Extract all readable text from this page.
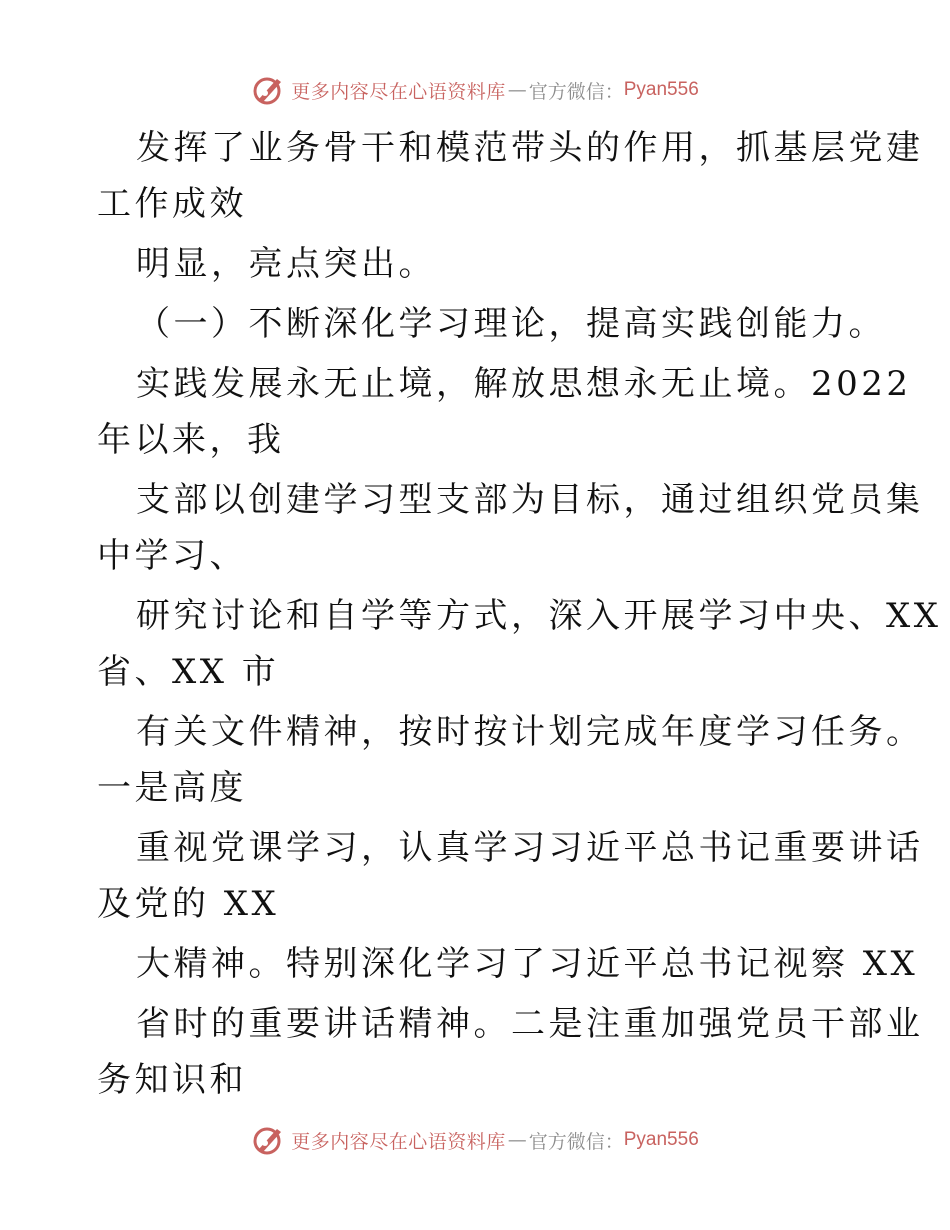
更多内容尽在心语资料库 — 官方微信： Pyan556
发挥了业务骨干和模范带头的作用，抓基层党建
工作成效
明显，亮点突出。
（一）不断深化学习理论，提高实践创能力。
实践发展永无止境，解放思想永无止境。2022
年以来，我
支部以创建学习型支部为目标，通过组织党员集
中学习、
研究讨论和自学等方式，深入开展学习中央、XX
省、XX 市
有关文件精神，按时按计划完成年度学习任务。
一是高度
重视党课学习，认真学习习近平总书记重要讲话
及党的 XX
大精神。特别深化学习了习近平总书记视察 XX
省时的重要讲话精神。二是注重加强党员干部业
务知识和
更多内容尽在心语资料库 — 官方微信： Pyan556
